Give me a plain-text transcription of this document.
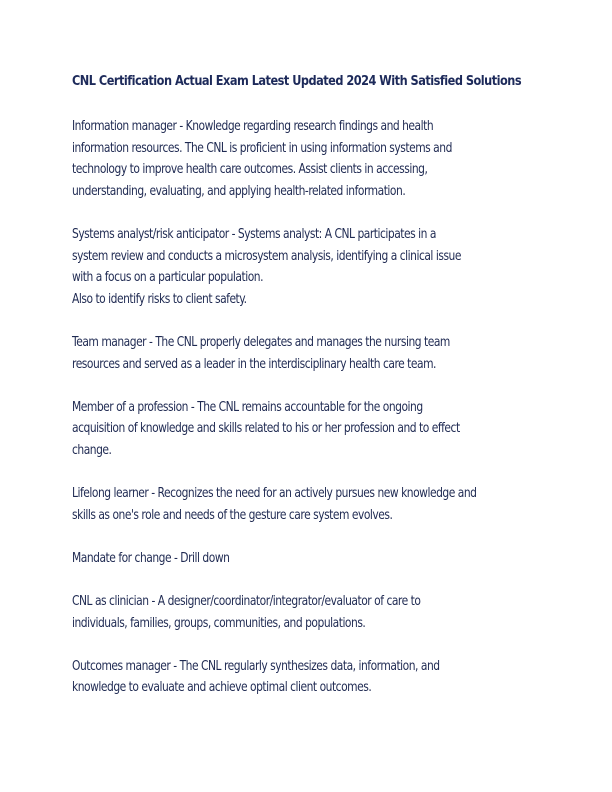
CNL Certification Actual Exam Latest Updated 2024 With Satisfied Solutions

Information manager - Knowledge regarding research findings and health
information resources. The CNL is proficient in using information systems and
technology to improve health care outcomes. Assist clients in accessing,
understanding, evaluating, and applying health-related information.

Systems analyst/risk anticipator - Systems analyst: A CNL participates in a
system review and conducts a microsystem analysis, identifying a clinical issue
with a focus on a particular population.
Also to identify risks to client safety.

Team manager - The CNL properly delegates and manages the nursing team
resources and served as a leader in the interdisciplinary health care team.

Member of a profession - The CNL remains accountable for the ongoing
acquisition of knowledge and skills related to his or her profession and to effect
change.

Lifelong learner - Recognizes the need for an actively pursues new knowledge and
skills as one's role and needs of the gesture care system evolves.

Mandate for change - Drill down

CNL as clinician - A designer/coordinator/integrator/evaluator of care to
individuals, families, groups, communities, and populations.

Outcomes manager - The CNL regularly synthesizes data, information, and
knowledge to evaluate and achieve optimal client outcomes.
